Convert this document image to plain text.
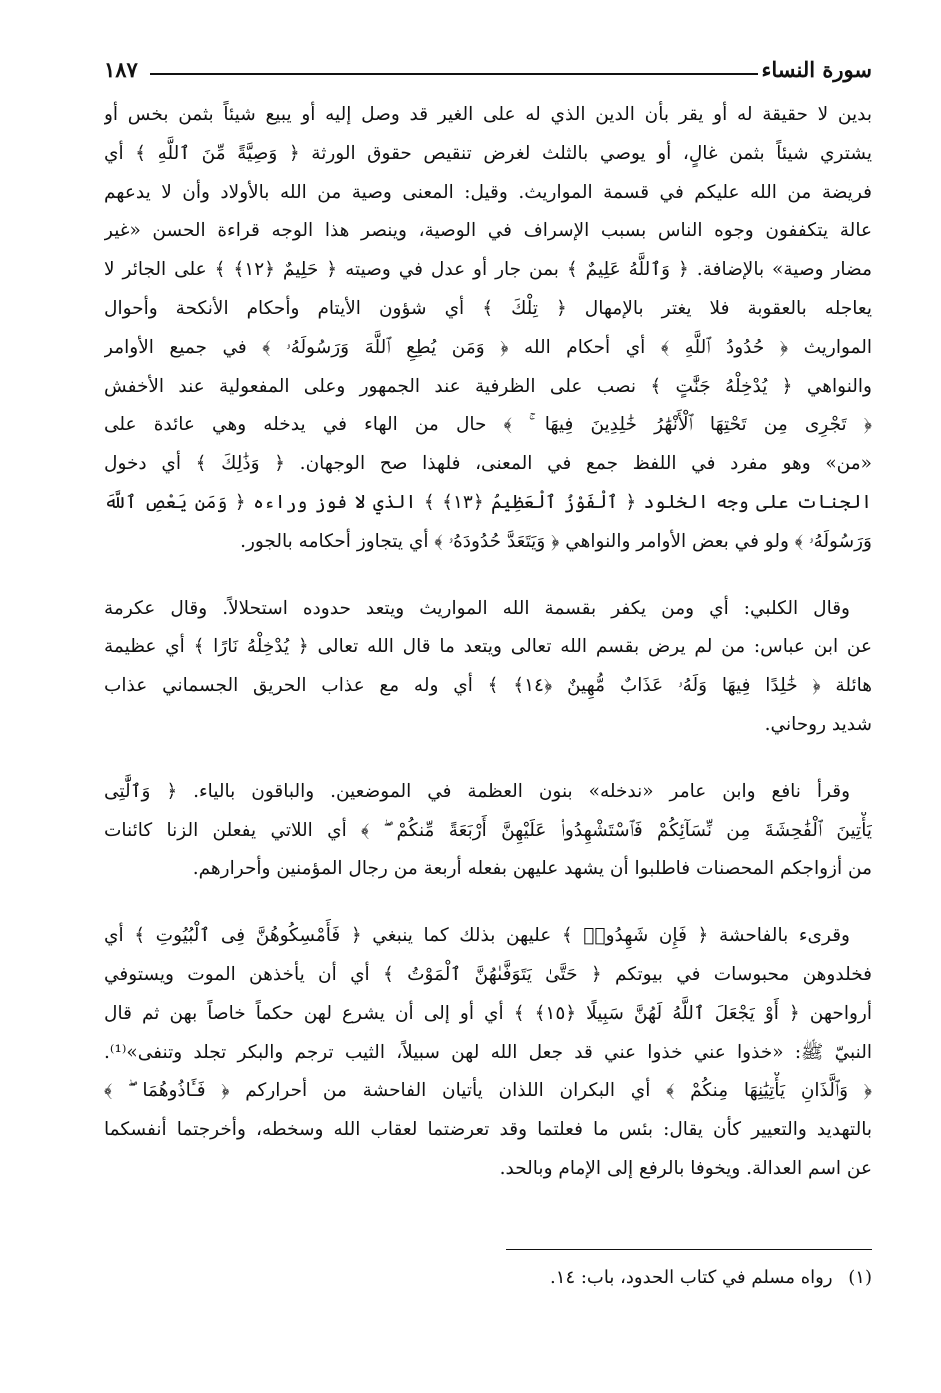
سورة النساء
١٨٧
بدين لا حقيقة له أو يقر بأن الدين الذي له على الغير قد وصل إليه أو يبيع شيئاً بثمن بخس أو
يشتري شيئاً بثمن غالٍ، أو يوصي بالثلث لغرض تنقيص حقوق الورثة ﴿ وَصِيَّةً مِّنَ ٱللَّهِ ﴾ أي
فريضة من الله عليكم في قسمة المواريث. وقيل: المعنى وصية من الله بالأولاد وأن لا يدعهم
عالة يتكففون وجوه الناس بسبب الإسراف في الوصية، وينصر هذا الوجه قراءة الحسن «غير
مضار وصية» بالإضافة. ﴿ وَٱللَّهُ عَلِيمٌ ﴾ بمن جار أو عدل في وصيته ﴿ حَلِيمٌ ﴿١٢﴾ ﴾ على الجائر لا
يعاجله بالعقوبة فلا يغتر بالإمهال ﴿ تِلْكَ ﴾ أي شؤون الأيتام وأحكام الأنكحة وأحوال
المواريث ﴿ حُدُودُ ٱللَّهِ ﴾ أي أحكام الله ﴿ وَمَن يُطِعِ ٱللَّهَ وَرَسُولَهُۥ ﴾ في جميع الأوامر
والنواهي ﴿ يُدْخِلْهُ جَنَّٰتٍ ﴾ نصب على الظرفية عند الجمهور وعلى المفعولية عند الأخفش
﴿ تَجْرِى مِن تَحْتِهَا ٱلْأَنْهَٰرُ خَٰلِدِينَ فِيهَا ۚ ﴾ حال من الهاء في يدخله وهي عائدة على
«من» وهو مفرد في اللفظ جمع في المعنى، فلهذا صح الوجهان. ﴿ وَذَٰلِكَ ﴾ أي دخول
الجنات على وجه الخلود ﴿ ٱلْفَوْزُ ٱلْعَظِيمُ ﴿١٣﴾ ﴾ الذي لا فوز وراءه ﴿ وَمَن يَعْصِ ٱللَّهَ
وَرَسُولَهُۥ ﴾ ولو في بعض الأوامر والنواهي ﴿ وَيَتَعَدَّ حُدُودَهُۥ ﴾ أي يتجاوز أحكامه بالجور.
وقال الكلبي: أي ومن يكفر بقسمة الله المواريث ويتعد حدوده استحلالاً. وقال عكرمة
عن ابن عباس: من لم يرض بقسم الله تعالى ويتعد ما قال الله تعالى ﴿ يُدْخِلْهُ نَارًا ﴾ أي عظيمة
هائلة ﴿ خَٰلِدًا فِيهَا وَلَهُۥ عَذَابٌ مُّهِينٌ ﴿١٤﴾ ﴾ أي وله مع عذاب الحريق الجسماني عذاب
شديد روحاني.
وقرأ نافع وابن عامر «ندخله» بنون العظمة في الموضعين. والباقون بالياء. ﴿ وَٱلَّٰتِى
يَأْتِينَ ٱلْفَٰحِشَةَ مِن نِّسَآئِكُمْ فَٱسْتَشْهِدُوا۟ عَلَيْهِنَّ أَرْبَعَةً مِّنكُمْ ۖ ﴾ أي اللاتي يفعلن الزنا كائنات
من أزواجكم المحصنات فاطلبوا أن يشهد عليهن بفعله أربعة من رجال المؤمنين وأحرارهم.
وقرىء بالفاحشة ﴿ فَإِن شَهِدُوا۟ ﴾ عليهن بذلك كما ينبغي ﴿ فَأَمْسِكُوهُنَّ فِى ٱلْبُيُوتِ ﴾ أي
فخلدوهن محبوسات في بيوتكم ﴿ حَتَّىٰ يَتَوَفَّىٰهُنَّ ٱلْمَوْتُ ﴾ أي أن يأخذهن الموت ويستوفي
أرواحهن ﴿ أَوْ يَجْعَلَ ٱللَّهُ لَهُنَّ سَبِيلًا ﴿١٥﴾ ﴾ أي أو إلى أن يشرع لهن حكماً خاصاً بهن ثم قال
النبيّ ﷺ: «خذوا عني خذوا عني قد جعل الله لهن سبيلاً، الثيب ترجم والبكر تجلد وتنفى»⁽¹⁾.
﴿ وَٱلَّذَانِ يَأْتِيَٰنِهَا مِنكُمْ ﴾ أي البكران اللذان يأتيان الفاحشة من أحراركم ﴿ فَـَٔاذُوهُمَا ۖ ﴾
بالتهديد والتعيير كأن يقال: بئس ما فعلتما وقد تعرضتما لعقاب الله وسخطه، وأخرجتما أنفسكما
عن اسم العدالة. ويخوفا بالرفع إلى الإمام وبالحد.
(١) رواه مسلم في كتاب الحدود، باب: ١٤.
